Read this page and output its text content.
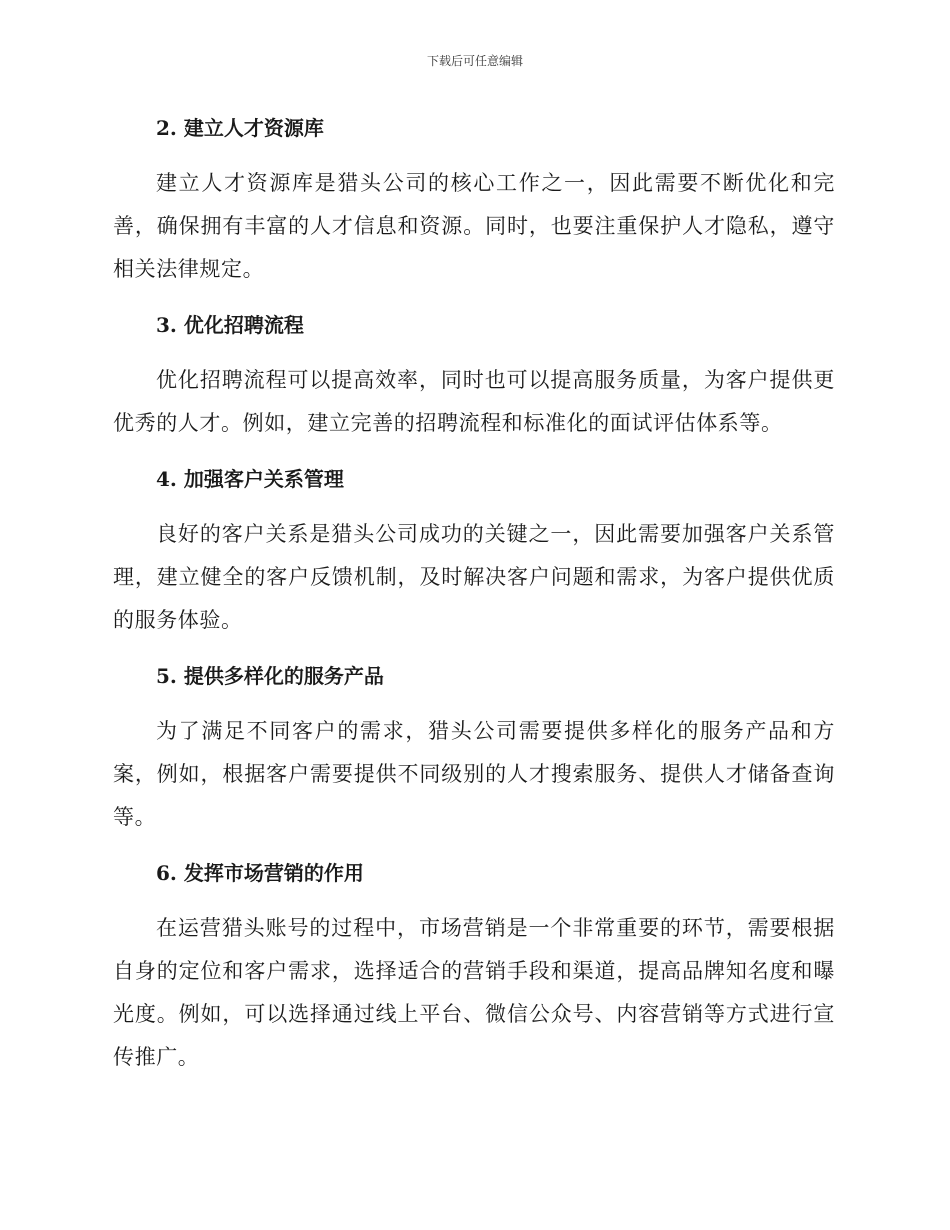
下载后可任意编辑
2. 建立人才资源库

建立人才资源库是猎头公司的核心工作之一，因此需要不断优化和完善，确保拥有丰富的人才信息和资源。同时，也要注重保护人才隐私，遵守相关法律规定。

3. 优化招聘流程

优化招聘流程可以提高效率，同时也可以提高服务质量，为客户提供更优秀的人才。例如，建立完善的招聘流程和标准化的面试评估体系等。

4. 加强客户关系管理

良好的客户关系是猎头公司成功的关键之一，因此需要加强客户关系管理，建立健全的客户反馈机制，及时解决客户问题和需求，为客户提供优质的服务体验。

5. 提供多样化的服务产品

为了满足不同客户的需求，猎头公司需要提供多样化的服务产品和方案，例如，根据客户需要提供不同级别的人才搜索服务、提供人才储备查询等。

6. 发挥市场营销的作用

在运营猎头账号的过程中，市场营销是一个非常重要的环节，需要根据自身的定位和客户需求，选择适合的营销手段和渠道，提高品牌知名度和曝光度。例如，可以选择通过线上平台、微信公众号、内容营销等方式进行宣传推广。
